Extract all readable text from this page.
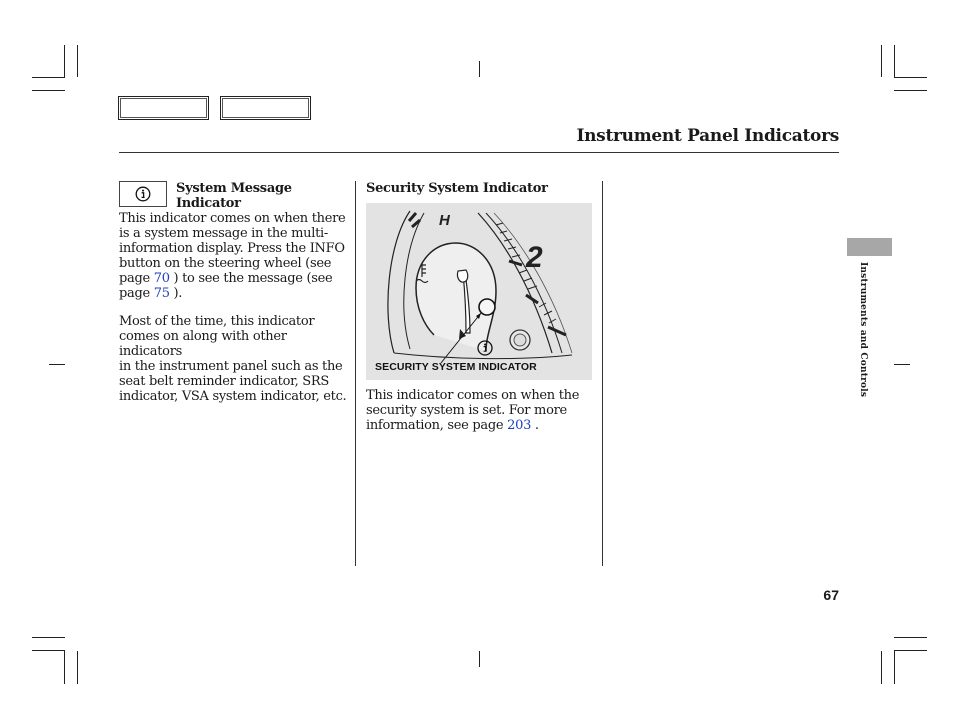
Instrument Panel Indicators
System Message
Indicator
This indicator comes on when there
is a system message in the multi-
information display. Press the INFO
button on the steering wheel (see
page 70 ) to see the message (see
page 75 ).
Most of the time, this indicator
comes on along with other indicators
in the instrument panel such as the
seat belt reminder indicator, SRS
indicator, VSA system indicator, etc.
Security System Indicator
H
2
SECURITY SYSTEM INDICATOR
This indicator comes on when the
security system is set. For more
information, see page 203 .
Instruments and Controls
67
